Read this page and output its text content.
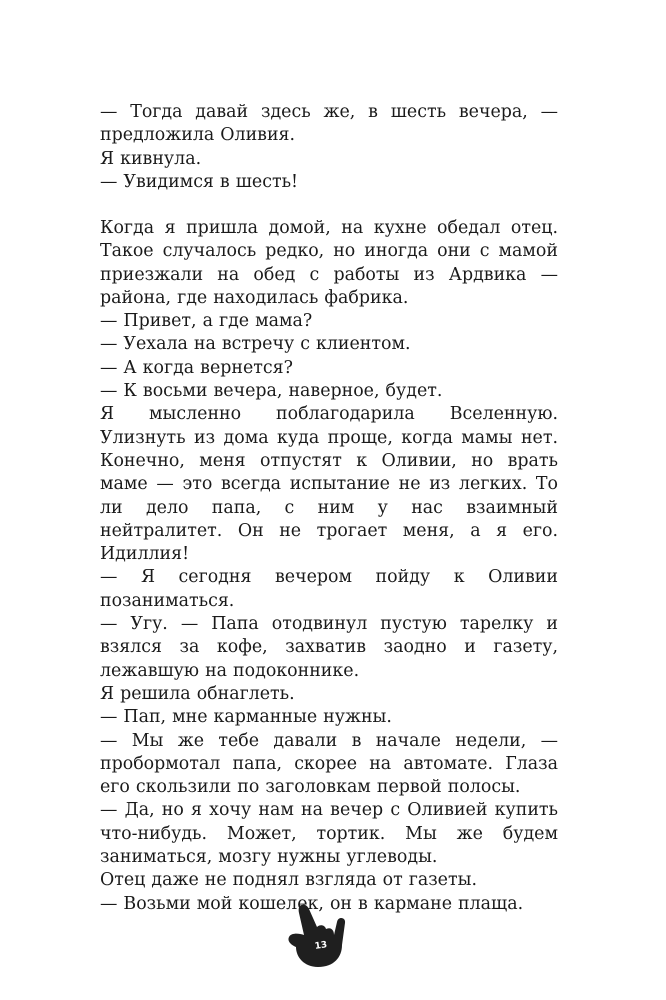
— Тогда давай здесь же, в шесть вечера, — предложила Оливия.

Я кивнула.

— Увидимся в шесть!

Когда я пришла домой, на кухне обедал отец. Такое случалось редко, но иногда они с мамой приезжали на обед с работы из Ардвика — района, где находилась фабрика.

— Привет, а где мама?

— Уехала на встречу с клиентом.

— А когда вернется?

— К восьми вечера, наверное, будет.

Я мысленно поблагодарила Вселенную. Улизнуть из дома куда проще, когда мамы нет. Конечно, меня отпустят к Оливии, но врать маме — это всегда испытание не из легких. То ли дело папа, с ним у нас взаимный нейтралитет. Он не трогает меня, а я его. Идиллия!

— Я сегодня вечером пойду к Оливии позаниматься.

— Угу. — Папа отодвинул пустую тарелку и взялся за кофе, захватив заодно и газету, лежавшую на подоконнике.

Я решила обнаглеть.

— Пап, мне карманные нужны.

— Мы же тебе давали в начале недели, — пробормотал папа, скорее на автомате. Глаза его скользили по заголовкам первой полосы.

— Да, но я хочу нам на вечер с Оливией купить что-нибудь. Может, тортик. Мы же будем заниматься, мозгу нужны углеводы.

Отец даже не поднял взгляда от газеты.

— Возьми мой кошелек, он в кармане плаща.

13
